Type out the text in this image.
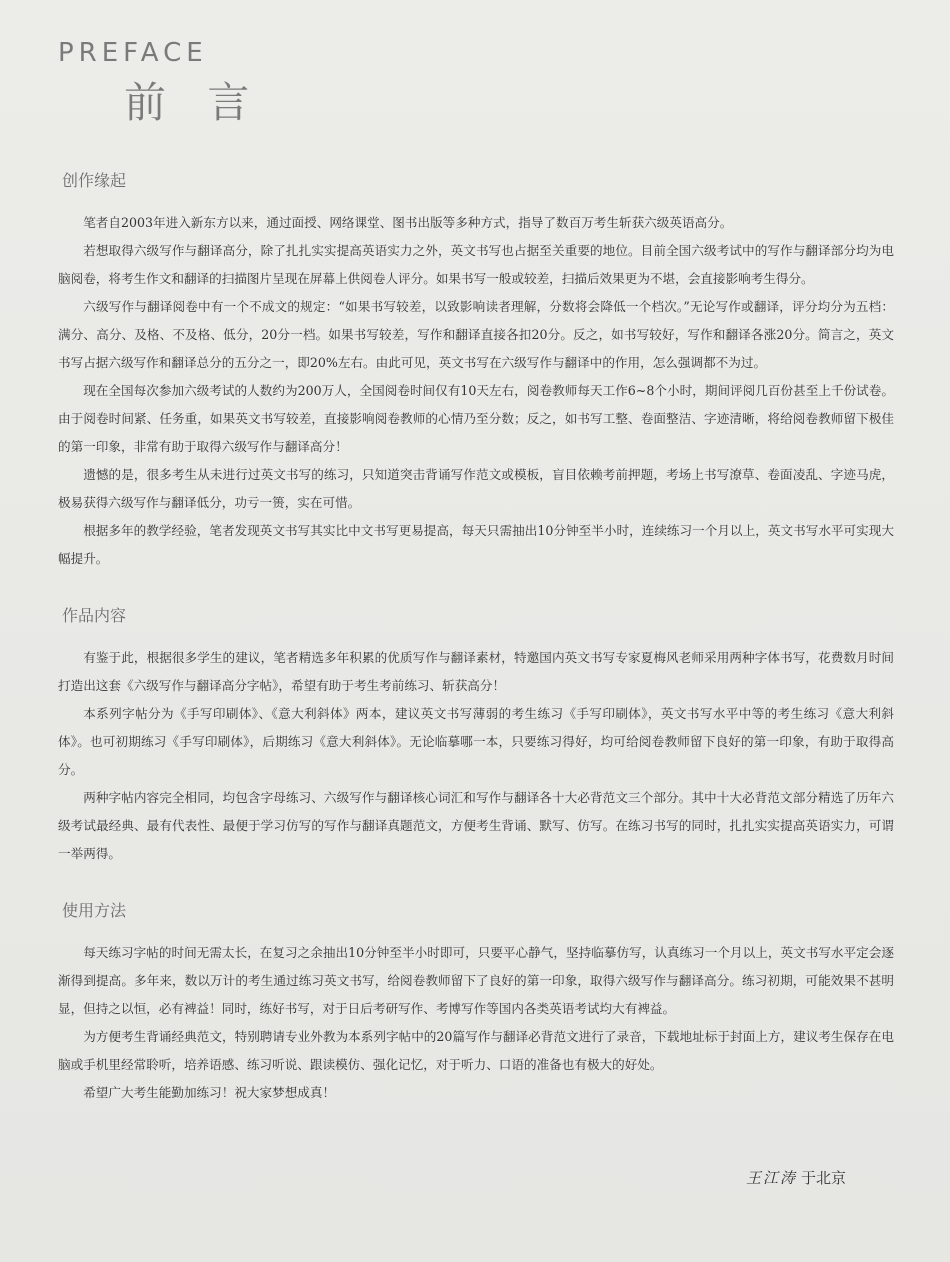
PREFACE
前 言
创作缘起

笔者自2003年进入新东方以来，通过面授、网络课堂、图书出版等多种方式，指导了数百万考生斩获六级英语高分。

若想取得六级写作与翻译高分，除了扎扎实实提高英语实力之外，英文书写也占据至关重要的地位。目前全国六级考试中的写作与翻译部分均为电脑阅卷，将考生作文和翻译的扫描图片呈现在屏幕上供阅卷人评分。如果书写一般或较差，扫描后效果更为不堪，会直接影响考生得分。

六级写作与翻译阅卷中有一个不成文的规定：“如果书写较差，以致影响读者理解，分数将会降低一个档次。”无论写作或翻译，评分均分为五档：满分、高分、及格、不及格、低分，20分一档。如果书写较差，写作和翻译直接各扣20分。反之，如书写较好，写作和翻译各涨20分。简言之，英文书写占据六级写作和翻译总分的五分之一，即20%左右。由此可见，英文书写在六级写作与翻译中的作用，怎么强调都不为过。

现在全国每次参加六级考试的人数约为200万人，全国阅卷时间仅有10天左右，阅卷教师每天工作6~8个小时，期间评阅几百份甚至上千份试卷。由于阅卷时间紧、任务重，如果英文书写较差，直接影响阅卷教师的心情乃至分数；反之，如书写工整、卷面整洁、字迹清晰，将给阅卷教师留下极佳的第一印象，非常有助于取得六级写作与翻译高分！

遗憾的是，很多考生从未进行过英文书写的练习，只知道突击背诵写作范文或模板，盲目依赖考前押题，考场上书写潦草、卷面凌乱、字迹马虎，极易获得六级写作与翻译低分，功亏一篑，实在可惜。

根据多年的教学经验，笔者发现英文书写其实比中文书写更易提高，每天只需抽出10分钟至半小时，连续练习一个月以上，英文书写水平可实现大幅提升。

作品内容

有鉴于此，根据很多学生的建议，笔者精选多年积累的优质写作与翻译素材，特邀国内英文书写专家夏梅风老师采用两种字体书写，花费数月时间打造出这套《六级写作与翻译高分字帖》，希望有助于考生考前练习、斩获高分！

本系列字帖分为《手写印刷体》、《意大利斜体》两本，建议英文书写薄弱的考生练习《手写印刷体》，英文书写水平中等的考生练习《意大利斜体》。也可初期练习《手写印刷体》，后期练习《意大利斜体》。无论临摹哪一本，只要练习得好，均可给阅卷教师留下良好的第一印象，有助于取得高分。

两种字帖内容完全相同，均包含字母练习、六级写作与翻译核心词汇和写作与翻译各十大必背范文三个部分。其中十大必背范文部分精选了历年六级考试最经典、最有代表性、最便于学习仿写的写作与翻译真题范文，方便考生背诵、默写、仿写。在练习书写的同时，扎扎实实提高英语实力，可谓一举两得。

使用方法

每天练习字帖的时间无需太长，在复习之余抽出10分钟至半小时即可，只要平心静气，坚持临摹仿写，认真练习一个月以上，英文书写水平定会逐渐得到提高。多年来，数以万计的考生通过练习英文书写，给阅卷教师留下了良好的第一印象，取得六级写作与翻译高分。练习初期，可能效果不甚明显，但持之以恒，必有裨益！同时，练好书写，对于日后考研写作、考博写作等国内各类英语考试均大有裨益。

为方便考生背诵经典范文，特别聘请专业外教为本系列字帖中的20篇写作与翻译必背范文进行了录音，下载地址标于封面上方，建议考生保存在电脑或手机里经常聆听，培养语感、练习听说、跟读模仿、强化记忆，对于听力、口语的准备也有极大的好处。

希望广大考生能勤加练习！祝大家梦想成真！

王江涛 于北京
